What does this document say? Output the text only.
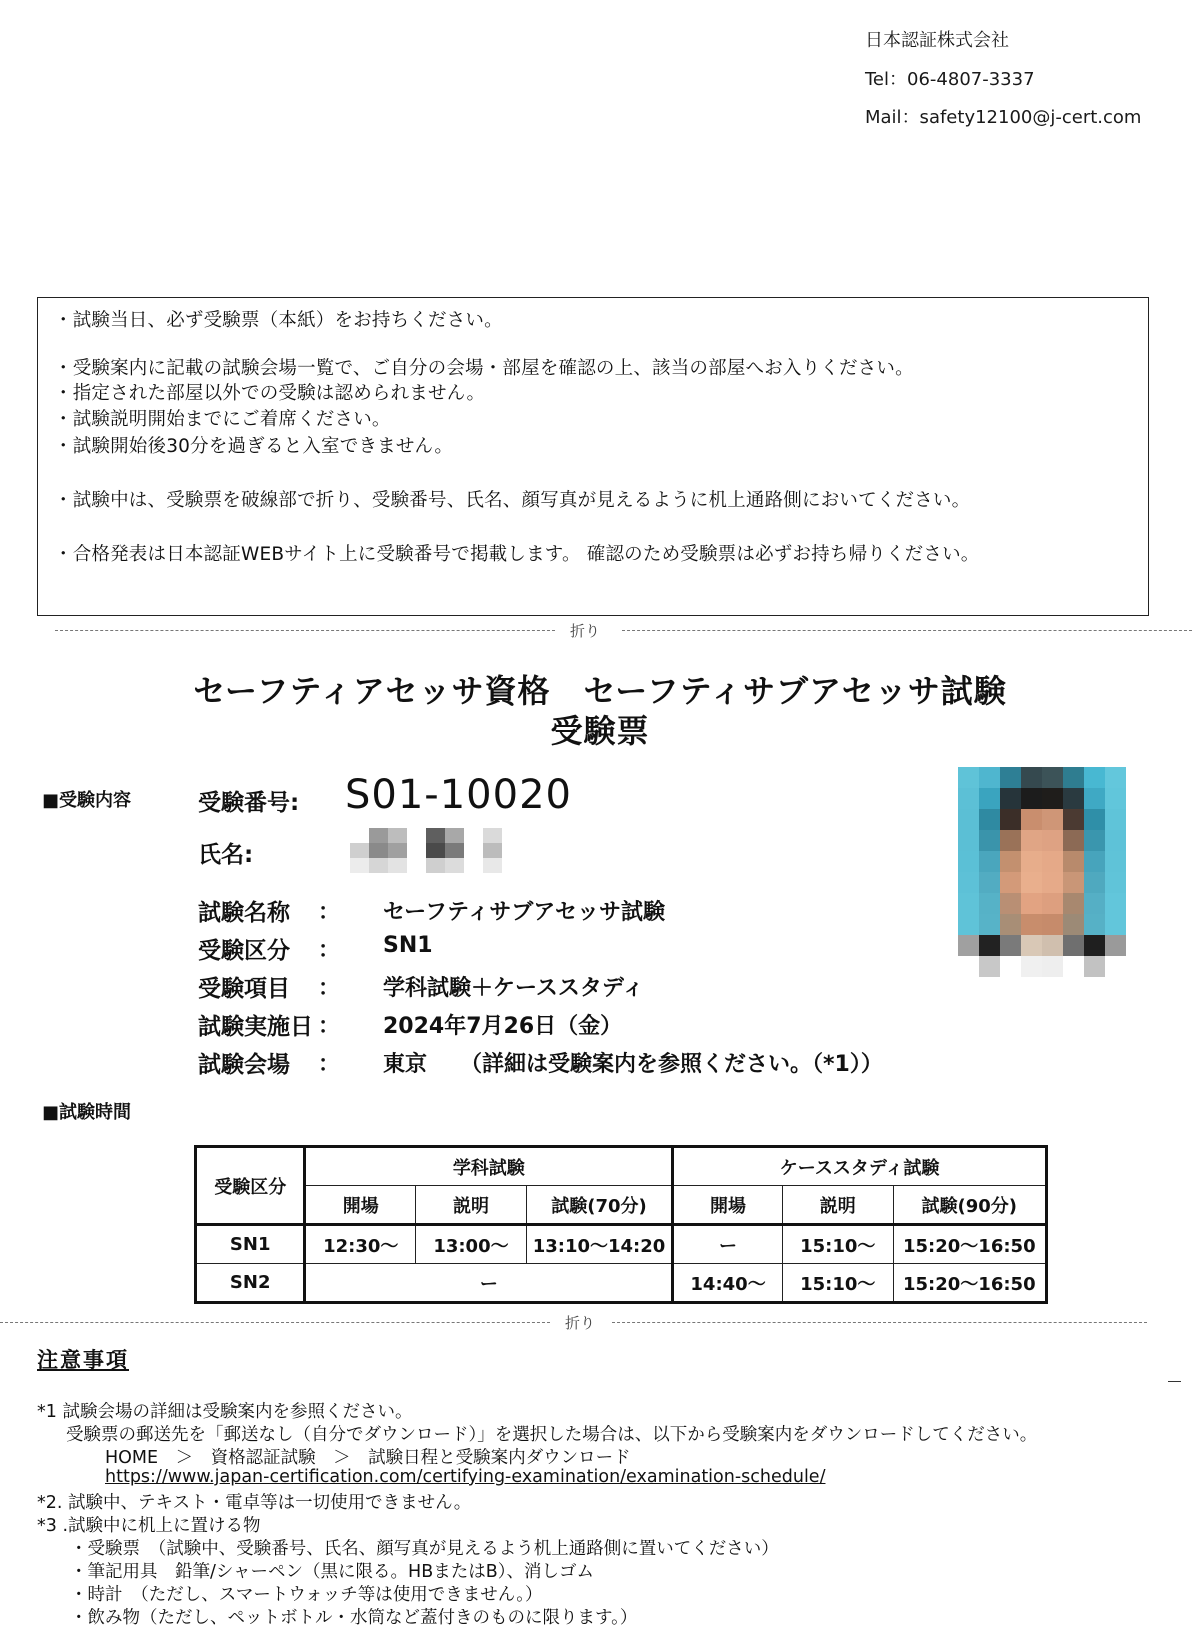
日本認証株式会社
Tel：06-4807-3337
Mail：safety12100@j-cert.com
・試験当日、必ず受験票（本紙）をお持ちください。
・受験案内に記載の試験会場一覧で、ご自分の会場・部屋を確認の上、該当の部屋へお入りください。
・指定された部屋以外での受験は認められません。
・試験説明開始までにご着席ください。
・試験開始後30分を過ぎると入室できません。
・試験中は、受験票を破線部で折り、受験番号、氏名、顔写真が見えるように机上通路側においてください。
・合格発表は日本認証WEBサイト上に受験番号で掲載します。 確認のため受験票は必ずお持ち帰りください。
折り
セーフティアセッサ資格　セーフティサブアセッサ試験
受験票
■受験内容	受験番号: S01-10020
氏名:
試験名称 ： セーフティサブアセッサ試験
受験区分 ： SN1
受験項目 ： 学科試験＋ケーススタディ
試験実施日 ： 2024年7月26日（金）
試験会場 ： 東京　　（詳細は受験案内を参照ください。（*1））
■試験時間
受験区分	学科試験			ケーススタディ試験		
	開場	説明	試験(70分)	開場	説明	試験(90分)
SN1	12:30〜	13:00〜	13:10〜14:20	ー	15:10〜	15:20〜16:50
SN2	ー			14:40〜	15:10〜	15:20〜16:50
折り
注意事項
*1 試験会場の詳細は受験案内を参照ください。
受験票の郵送先を「郵送なし（自分でダウンロード）」を選択した場合は、以下から受験案内をダウンロードしてください。
HOME　＞　資格認証試験　＞　試験日程と受験案内ダウンロード
https://www.japan-certification.com/certifying-examination/examination-schedule/
*2. 試験中、テキスト・電卓等は一切使用できません。
*3 .試験中に机上に置ける物
・受験票　（試験中、受験番号、氏名、顔写真が見えるよう机上通路側に置いてください）
・筆記用具　鉛筆/シャーペン（黒に限る。HBまたはB）、消しゴム
・時計　（ただし、スマートウォッチ等は使用できません。）
・飲み物（ただし、ペットボトル・水筒など蓋付きのものに限ります。）
